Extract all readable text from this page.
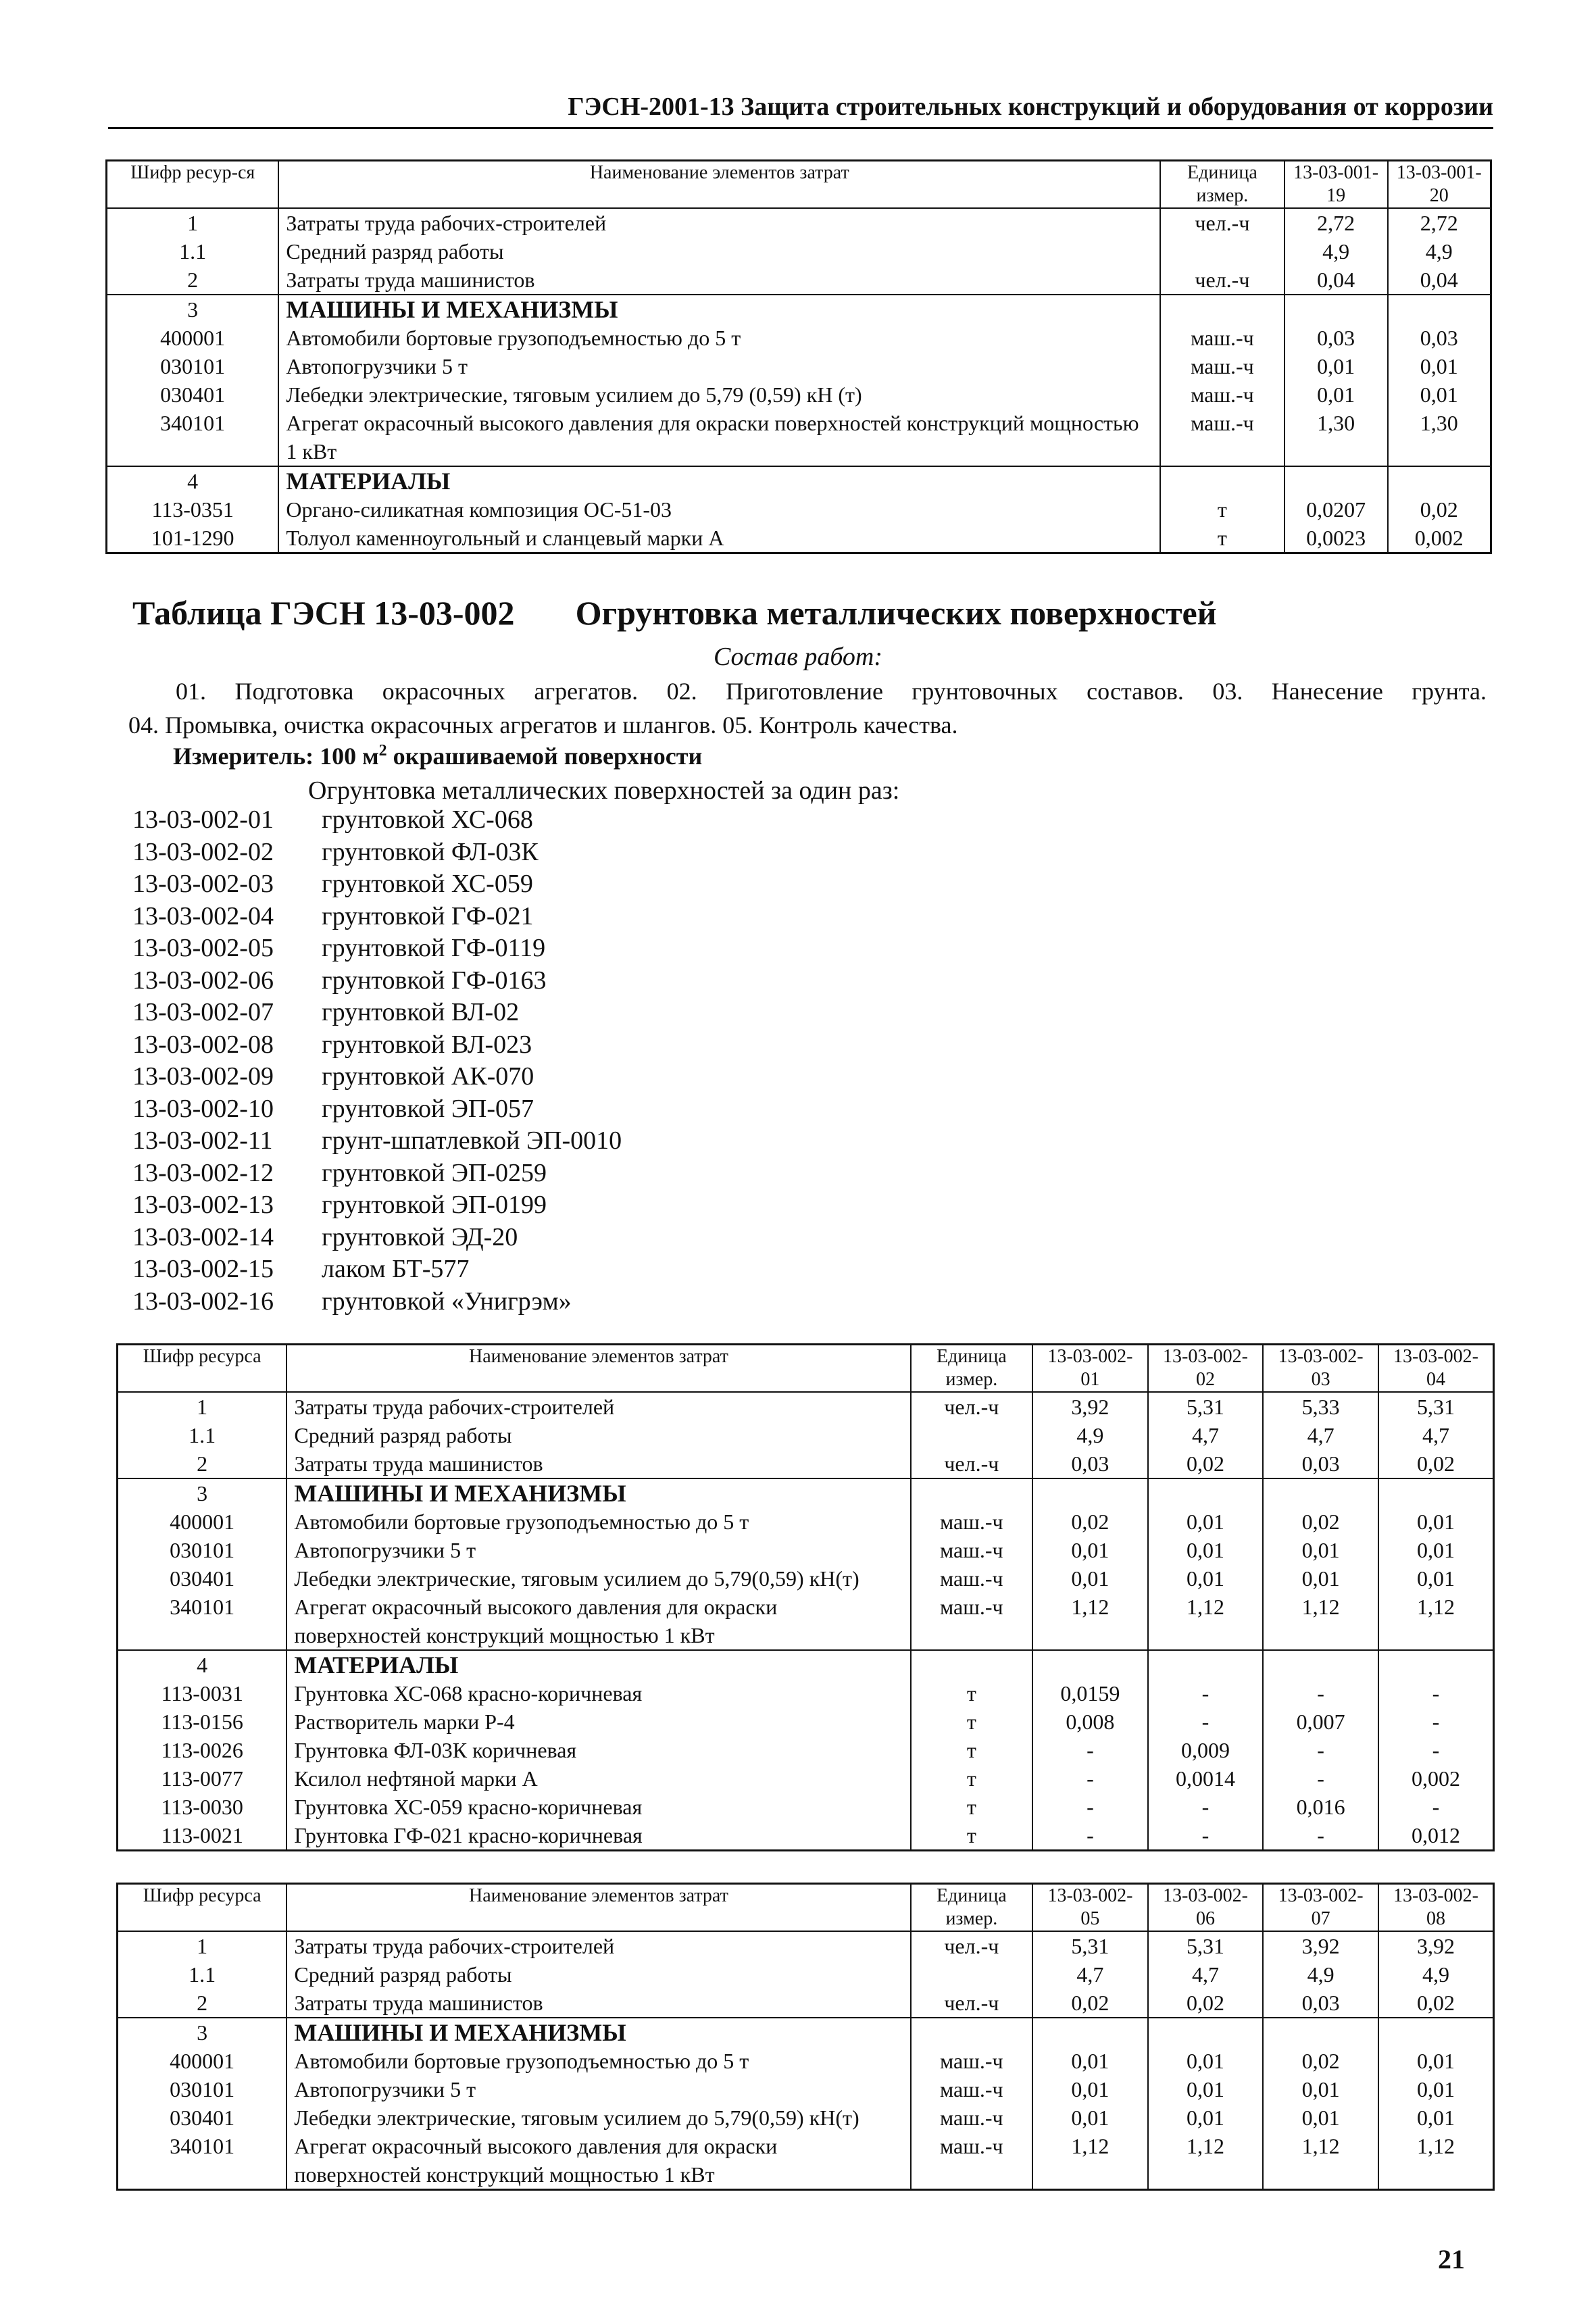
ГЭСН-2001-13 Защита строительных конструкций и оборудования от коррозии
Шифр ресур-ся	Наименование элементов затрат	Единица измер.	13-03-001-19	13-03-001-20
1	Затраты труда рабочих-строителей	чел.-ч	2,72	2,72
1.1	Средний разряд работы		4,9	4,9
2	Затраты труда машинистов	чел.-ч	0,04	0,04
3	МАШИНЫ И МЕХАНИЗМЫ			
400001	Автомобили бортовые грузоподъемностью до 5 т	маш.-ч	0,03	0,03
030101	Автопогрузчики 5 т	маш.-ч	0,01	0,01
030401	Лебедки электрические, тяговым усилием до 5,79 (0,59) кН (т)	маш.-ч	0,01	0,01
340101	Агрегат окрасочный высокого давления для окраски поверхностей конструкций мощностью 1 кВт	маш.-ч	1,30	1,30
4	МАТЕРИАЛЫ			
113-0351	Органо-силикатная композиция ОС-51-03	т	0,0207	0,02
101-1290	Толуол каменноугольный и сланцевый марки А	т	0,0023	0,002
Таблица ГЭСН 13-03-002 Огрунтовка металлических поверхностей
Состав работ:
01. Подготовка окрасочных агрегатов. 02. Приготовление грунтовочных составов. 03. Нанесение грунта.
04. Промывка, очистка окрасочных агрегатов и шлангов. 05. Контроль качества.
Измеритель: 100 $м^2$ окрашиваемой поверхности
Огрунтовка металлических поверхностей за один раз:
13-03-002-01	грунтовкой ХС-068
13-03-002-02	грунтовкой ФЛ-03К
13-03-002-03	грунтовкой ХС-059
13-03-002-04	грунтовкой ГФ-021
13-03-002-05	грунтовкой ГФ-0119
13-03-002-06	грунтовкой ГФ-0163
13-03-002-07	грунтовкой ВЛ-02
13-03-002-08	грунтовкой ВЛ-023
13-03-002-09	грунтовкой АК-070
13-03-002-10	грунтовкой ЭП-057
13-03-002-11	грунт-шпатлевкой ЭП-0010
13-03-002-12	грунтовкой ЭП-0259
13-03-002-13	грунтовкой ЭП-0199
13-03-002-14	грунтовкой ЭД-20
13-03-002-15	лаком БТ-577
13-03-002-16	грунтовкой «Унигрэм»
Шифр ресурса	Наименование элементов затрат	Единица измер.	13-03-002-01	13-03-002-02	13-03-002-03	13-03-002-04
1	Затраты труда рабочих-строителей	чел.-ч	3,92	5,31	5,33	5,31
1.1	Средний разряд работы		4,9	4,7	4,7	4,7
2	Затраты труда машинистов	чел.-ч	0,03	0,02	0,03	0,02
3	МАШИНЫ И МЕХАНИЗМЫ					
400001	Автомобили бортовые грузоподъемностью до 5 т	маш.-ч	0,02	0,01	0,02	0,01
030101	Автопогрузчики 5 т	маш.-ч	0,01	0,01	0,01	0,01
030401	Лебедки электрические, тяговым усилием до 5,79(0,59) кН(т)	маш.-ч	0,01	0,01	0,01	0,01
340101	Агрегат окрасочный высокого давления для окраски поверхностей конструкций мощностью 1 кВт	маш.-ч	1,12	1,12	1,12	1,12
4	МАТЕРИАЛЫ					
113-0031	Грунтовка ХС-068 красно-коричневая	т	0,0159	-	-	-
113-0156	Растворитель марки Р-4	т	0,008	-	0,007	-
113-0026	Грунтовка ФЛ-03К коричневая	т	-	0,009	-	-
113-0077	Ксилол нефтяной марки А	т	-	0,0014	-	0,002
113-0030	Грунтовка ХС-059 красно-коричневая	т	-	-	0,016	-
113-0021	Грунтовка ГФ-021 красно-коричневая	т	-	-	-	0,012
Шифр ресурса	Наименование элементов затрат	Единица измер.	13-03-002-05	13-03-002-06	13-03-002-07	13-03-002-08
1	Затраты труда рабочих-строителей	чел.-ч	5,31	5,31	3,92	3,92
1.1	Средний разряд работы		4,7	4,7	4,9	4,9
2	Затраты труда машинистов	чел.-ч	0,02	0,02	0,03	0,02
3	МАШИНЫ И МЕХАНИЗМЫ					
400001	Автомобили бортовые грузоподъемностью до 5 т	маш.-ч	0,01	0,01	0,02	0,01
030101	Автопогрузчики 5 т	маш.-ч	0,01	0,01	0,01	0,01
030401	Лебедки электрические, тяговым усилием до 5,79(0,59) кН(т)	маш.-ч	0,01	0,01	0,01	0,01
340101	Агрегат окрасочный высокого давления для окраски поверхностей конструкций мощностью 1 кВт	маш.-ч	1,12	1,12	1,12	1,12
21
